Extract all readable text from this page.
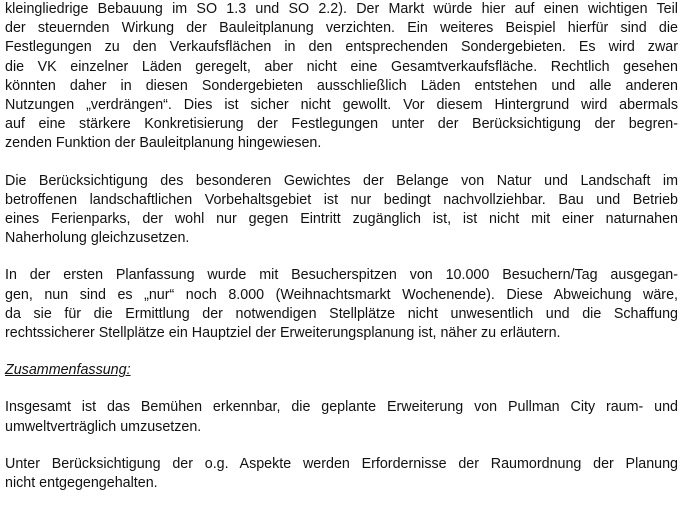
kleingliedrige Bebauung im SO 1.3 und SO 2.2). Der Markt würde hier auf einen wichtigen Teil
der steuernden Wirkung der Bauleitplanung verzichten. Ein weiteres Beispiel hierfür sind die
Festlegungen zu den Verkaufsflächen in den entsprechenden Sondergebieten. Es wird zwar
die VK einzelner Läden geregelt, aber nicht eine Gesamtverkaufsfläche. Rechtlich gesehen
könnten daher in diesen Sondergebieten ausschließlich Läden entstehen und alle anderen
Nutzungen „verdrängen“. Dies ist sicher nicht gewollt. Vor diesem Hintergrund wird abermals
auf eine stärkere Konkretisierung der Festlegungen unter der Berücksichtigung der begren-
zenden Funktion der Bauleitplanung hingewiesen.

Die Berücksichtigung des besonderen Gewichtes der Belange von Natur und Landschaft im
betroffenen landschaftlichen Vorbehaltsgebiet ist nur bedingt nachvollziehbar. Bau und Betrieb
eines Ferienparks, der wohl nur gegen Eintritt zugänglich ist, ist nicht mit einer naturnahen
Naherholung gleichzusetzen.

In der ersten Planfassung wurde mit Besucherspitzen von 10.000 Besuchern/Tag ausgegan-
gen, nun sind es „nur“ noch 8.000 (Weihnachtsmarkt Wochenende). Diese Abweichung wäre,
da sie für die Ermittlung der notwendigen Stellplätze nicht unwesentlich und die Schaffung
rechtssicherer Stellplätze ein Hauptziel der Erweiterungsplanung ist, näher zu erläutern.

Zusammenfassung:

Insgesamt ist das Bemühen erkennbar, die geplante Erweiterung von Pullman City raum- und
umweltverträglich umzusetzen.

Unter Berücksichtigung der o.g. Aspekte werden Erfordernisse der Raumordnung der Planung
nicht entgegengehalten.
